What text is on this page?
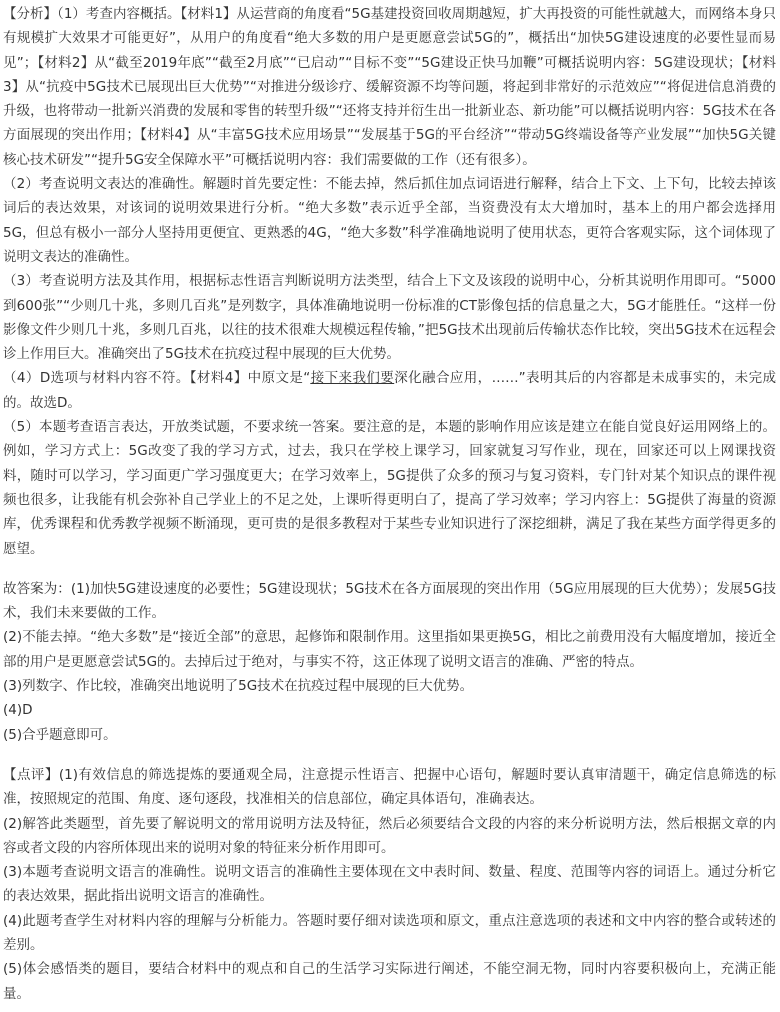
【分析】（1）考查内容概括。【材料1】从运营商的角度看“5G基建投资回收周期越短，扩大再投资的可能性就越大，而网络本身只有规模扩大效果才可能更好”，从用户的角度看“绝大多数的用户是更愿意尝试5G的”，概括出“加快5G建设速度的必要性显而易见”；【材料2】从“截至2019年底”“截至2月底”“已启动”“目标不变”“5G建设正快马加鞭”可概括说明内容：5G建设现状；【材料3】从“抗疫中5G技术已展现出巨大优势”“对推进分级诊疗、缓解资源不均等问题，将起到非常好的示范效应”“将促进信息消费的升级，也将带动一批新兴消费的发展和零售的转型升级”“还将支持并衍生出一批新业态、新功能”可以概括说明内容：5G技术在各方面展现的突出作用；【材料4】从“丰富5G技术应用场景”“发展基于5G的平台经济”“带动5G终端设备等产业发展”“加快5G关键核心技术研发”“提升5G安全保障水平”可概括说明内容：我们需要做的工作（还有很多）。

（2）考查说明文表达的准确性。解题时首先要定性：不能去掉，然后抓住加点词语进行解释，结合上下文、上下句，比较去掉该词后的表达效果，对该词的说明效果进行分析。“绝大多数”表示近乎全部，当资费没有太大增加时，基本上的用户都会选择用5G，但总有极小一部分人坚持用更便宜、更熟悉的4G，“绝大多数”科学准确地说明了使用状态，更符合客观实际，这个词体现了说明文表达的准确性。

（3）考查说明方法及其作用，根据标志性语言判断说明方法类型，结合上下文及该段的说明中心，分析其说明作用即可。“5000到600张”“少则几十兆，多则几百兆”是列数字，具体准确地说明一份标准的CT影像包括的信息量之大，5G才能胜任。“这样一份影像文件少则几十兆，多则几百兆，以往的技术很难大规模远程传输，”把5G技术出现前后传输状态作比较，突出5G技术在远程会诊上作用巨大。准确突出了5G技术在抗疫过程中展现的巨大优势。

（4）D选项与材料内容不符。【材料4】中原文是“接下来我们要深化融合应用，……”表明其后的内容都是未成事实的，未完成的。故选D。

（5）本题考查语言表达，开放类试题，不要求统一答案。要注意的是，本题的影响作用应该是建立在能自觉良好运用网络上的。例如，学习方式上：5G改变了我的学习方式，过去，我只在学校上课学习，回家就复习写作业，现在，回家还可以上网课找资料，随时可以学习，学习面更广学习强度更大；在学习效率上，5G提供了众多的预习与复习资料，专门针对某个知识点的课件视频也很多，让我能有机会弥补自己学业上的不足之处，上课听得更明白了，提高了学习效率；学习内容上：5G提供了海量的资源库，优秀课程和优秀教学视频不断涌现，更可贵的是很多教程对于某些专业知识进行了深挖细耕，满足了我在某些方面学得更多的愿望。

故答案为：(1)加快5G建设速度的必要性；5G建设现状；5G技术在各方面展现的突出作用（5G应用展现的巨大优势）；发展5G技术，我们未来要做的工作。

(2)不能去掉。“绝大多数”是“接近全部”的意思，起修饰和限制作用。这里指如果更换5G，相比之前费用没有大幅度增加，接近全部的用户是更愿意尝试5G的。去掉后过于绝对，与事实不符，这正体现了说明文语言的准确、严密的特点。

(3)列数字、作比较，准确突出地说明了5G技术在抗疫过程中展现的巨大优势。

(4)D

(5)合乎题意即可。

【点评】(1)有效信息的筛选提炼的要通观全局，注意提示性语言、把握中心语句，解题时要认真审清题干，确定信息筛选的标准，按照规定的范围、角度、逐句逐段，找准相关的信息部位，确定具体语句，准确表达。

(2)解答此类题型，首先要了解说明文的常用说明方法及特征，然后必须要结合文段的内容的来分析说明方法，然后根据文章的内容或者文段的内容所体现出来的说明对象的特征来分析作用即可。

(3)本题考查说明文语言的准确性。说明文语言的准确性主要体现在文中表时间、数量、程度、范围等内容的词语上。通过分析它的表达效果，据此指出说明文语言的准确性。

(4)此题考查学生对材料内容的理解与分析能力。答题时要仔细对读选项和原文，重点注意选项的表述和文中内容的整合或转述的差别。

(5)体会感悟类的题目，要结合材料中的观点和自己的生活学习实际进行阐述，不能空洞无物，同时内容要积极向上，充满正能量。
